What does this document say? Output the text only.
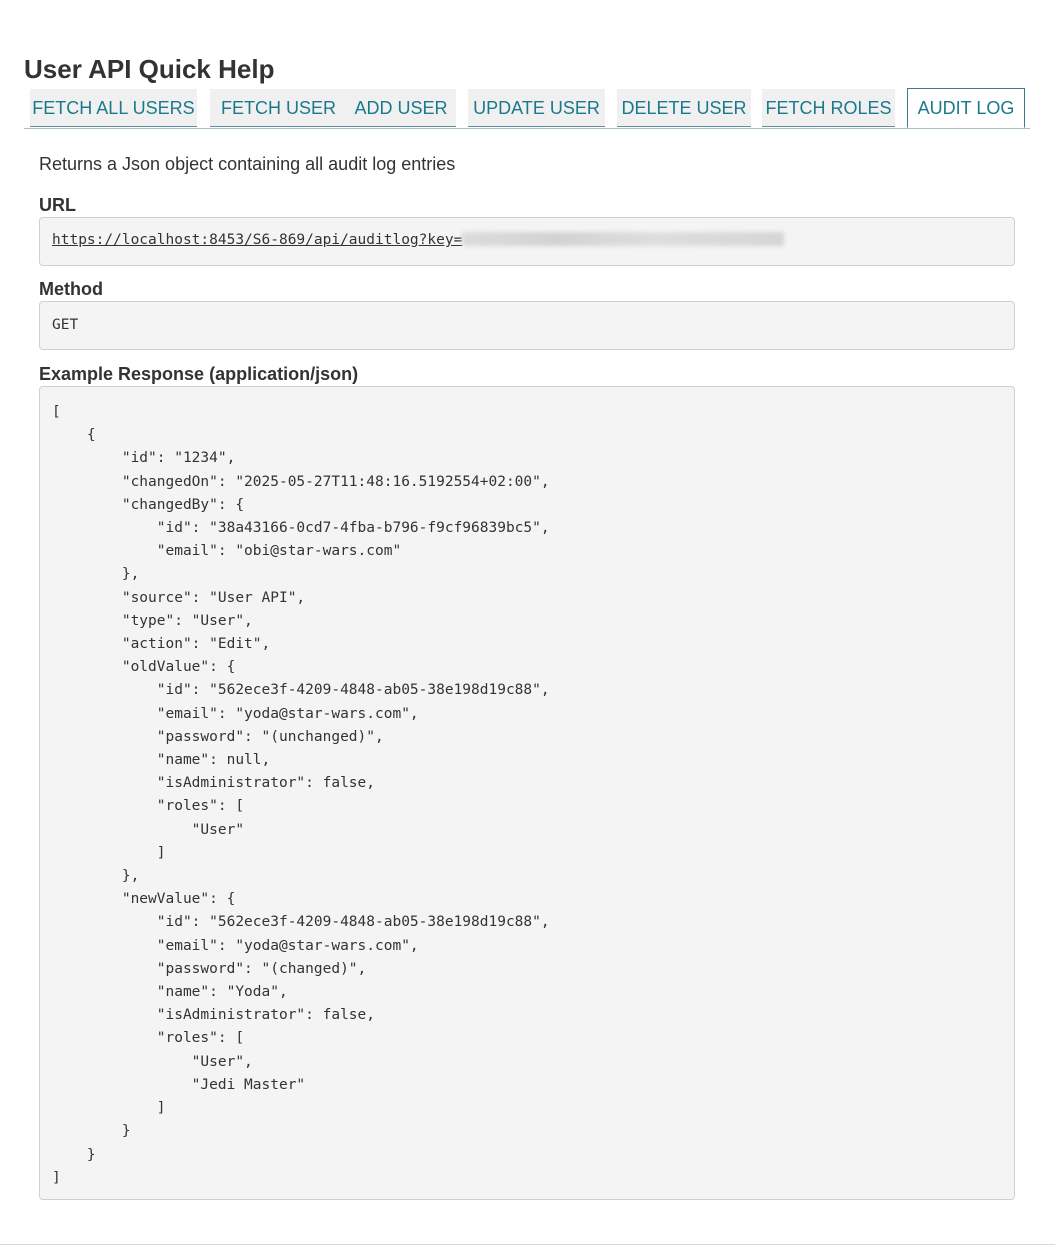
User API Quick Help
FETCH ALL USERS	FETCH USER	ADD USER	UPDATE USER DELETE USER FETCH ROLES	AUDIT LOG
Returns a Json object containing all audit log entries
URL
https://localhost:8453/S6-869/api/auditlog?key=
Method
GET
Example Response (application/json)
[
{
"id": "1234",
"changedOn": "2025-05-27T11:48:16.5192554+02:00",
"changedBy": {
"id": "38a43166-0cd7-4fba-b796-f9cf96839bc5",
"email": "obi@star-wars.com"
},
"source": "User API",
"type": "User",
"action": "Edit",
"oldValue": {
"id": "562ece3f-4209-4848-ab05-38e198d19c88",
"email": "yoda@star-wars.com",
"password": "(unchanged)",
"name": null,
"isAdministrator": false,
"roles": [
"User"
]
},
"newValue": {
"id": "562ece3f-4209-4848-ab05-38e198d19c88",
"email": "yoda@star-wars.com",
"password": "(changed)",
"name": "Yoda",
"isAdministrator": false,
"roles": [
"User",
"Jedi Master"
]
}
}
]
